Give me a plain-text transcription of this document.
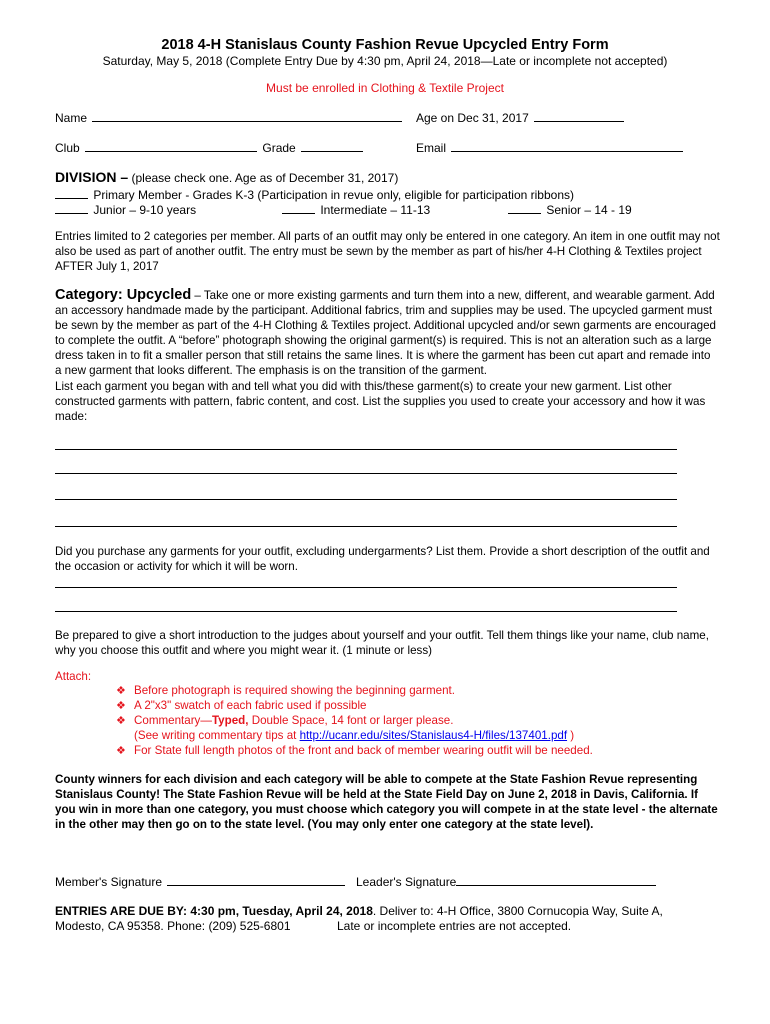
2018 4-H Stanislaus County Fashion Revue Upcycled Entry Form
Saturday, May 5, 2018 (Complete Entry Due by 4:30 pm, April 24, 2018—Late or incomplete not accepted)
Must be enrolled in Clothing & Textile Project
Name	Age on Dec 31, 2017
Club	Grade	Email
DIVISION – (please check one. Age as of December 31, 2017)
Primary Member - Grades K-3 (Participation in revue only, eligible for participation ribbons)
Junior – 9-10 years	Intermediate – 11-13	Senior – 14 - 19
Entries limited to 2 categories per member. All parts of an outfit may only be entered in one category. An item in one outfit may not also be used as part of another outfit. The entry must be sewn by the member as part of his/her 4-H Clothing & Textiles project AFTER July 1, 2017
Category: Upcycled – Take one or more existing garments and turn them into a new, different, and wearable garment. Add an accessory handmade made by the participant. Additional fabrics, trim and supplies may be used. The upcycled garment must be sewn by the member as part of the 4-H Clothing & Textiles project. Additional upcycled and/or sewn garments are encouraged to complete the outfit. A “before” photograph showing the original garment(s) is required. This is not an alteration such as a large dress taken in to fit a smaller person that still retains the same lines. It is where the garment has been cut apart and remade into a new garment that looks different. The emphasis is on the transition of the garment.
List each garment you began with and tell what you did with this/these garment(s) to create your new garment. List other constructed garments with pattern, fabric content, and cost. List the supplies you used to create your accessory and how it was made:
Did you purchase any garments for your outfit, excluding undergarments? List them. Provide a short description of the outfit and the occasion or activity for which it will be worn.
Be prepared to give a short introduction to the judges about yourself and your outfit. Tell them things like your name, club name, why you choose this outfit and where you might wear it. (1 minute or less)
Attach:
❖ Before photograph is required showing the beginning garment.
❖ A 2"x3" swatch of each fabric used if possible
❖ Commentary—Typed, Double Space, 14 font or larger please.
(See writing commentary tips at http://ucanr.edu/sites/Stanislaus4-H/files/137401.pdf )
❖ For State full length photos of the front and back of member wearing outfit will be needed.
County winners for each division and each category will be able to compete at the State Fashion Revue representing Stanislaus County! The State Fashion Revue will be held at the State Field Day on June 2, 2018 in Davis, California. If you win in more than one category, you must choose which category you will compete in at the state level - the alternate in the other may then go on to the state level. (You may only enter one category at the state level).
Member's Signature	Leader's Signature
ENTRIES ARE DUE BY: 4:30 pm, Tuesday, April 24, 2018. Deliver to: 4-H Office, 3800 Cornucopia Way, Suite A,
Modesto, CA 95358. Phone: (209) 525-6801	Late or incomplete entries are not accepted.
